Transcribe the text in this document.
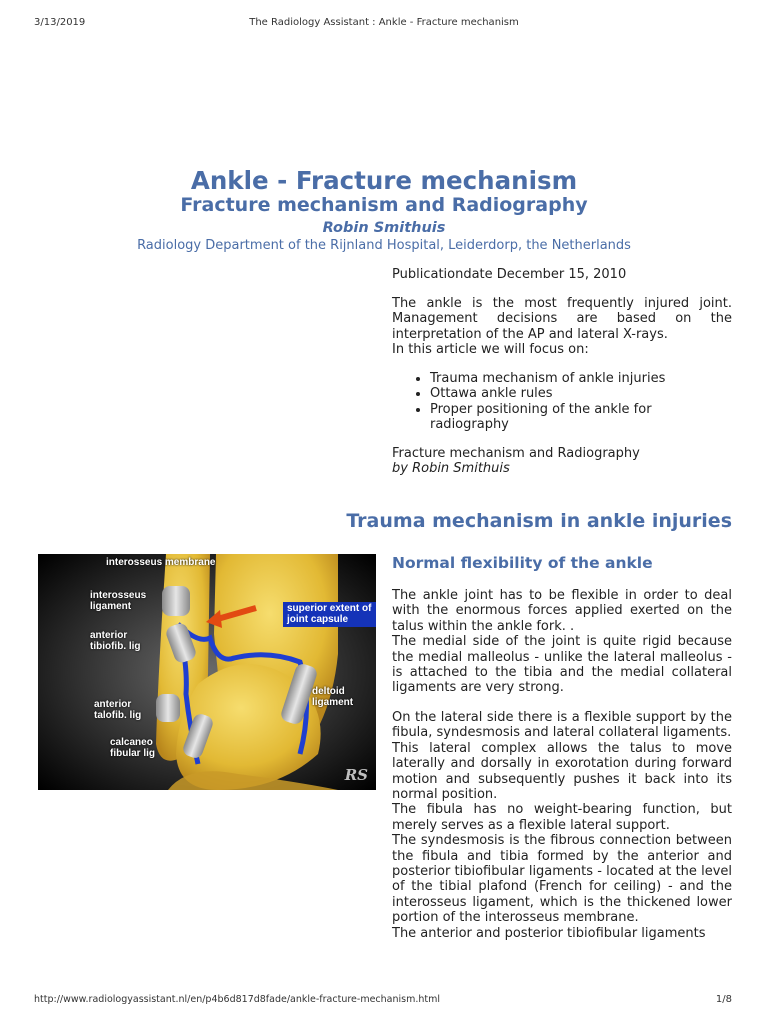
3/13/2019	The Radiology Assistant : Ankle - Fracture mechanism
Ankle - Fracture mechanism
Fracture mechanism and Radiography
Robin Smithuis
Radiology Department of the Rijnland Hospital, Leiderdorp, the Netherlands
Publicationdate December 15, 2010
The ankle is the most frequently injured joint. Management decisions are based on the interpretation of the AP and lateral X-rays.
In this article we will focus on:
• Trauma mechanism of ankle injuries
• Ottawa ankle rules
• Proper positioning of the ankle for radiography
Fracture mechanism and Radiography
by Robin Smithuis
Trauma mechanism in ankle injuries
Normal flexibility of the ankle
interosseus membrane
interosseus ligament
anterior tibiofib. lig
anterior talofib. lig
calcaneo fibular lig
deltoid ligament
superior extent of joint capsule
RS
The ankle joint has to be flexible in order to deal with the enormous forces applied exerted on the talus within the ankle fork. .
The medial side of the joint is quite rigid because the medial malleolus - unlike the lateral malleolus - is attached to the tibia and the medial collateral ligaments are very strong.
On the lateral side there is a flexible support by the fibula, syndesmosis and lateral collateral ligaments.
This lateral complex allows the talus to move laterally and dorsally in exorotation during forward motion and subsequently pushes it back into its normal position.
The fibula has no weight-bearing function, but merely serves as a flexible lateral support.
The syndesmosis is the fibrous connection between the fibula and tibia formed by the anterior and posterior tibiofibular ligaments - located at the level of the tibial plafond (French for ceiling) - and the interosseus ligament, which is the thickened lower portion of the interosseus membrane.
The anterior and posterior tibiofibular ligaments
http://www.radiologyassistant.nl/en/p4b6d817d8fade/ankle-fracture-mechanism.html	1/8
